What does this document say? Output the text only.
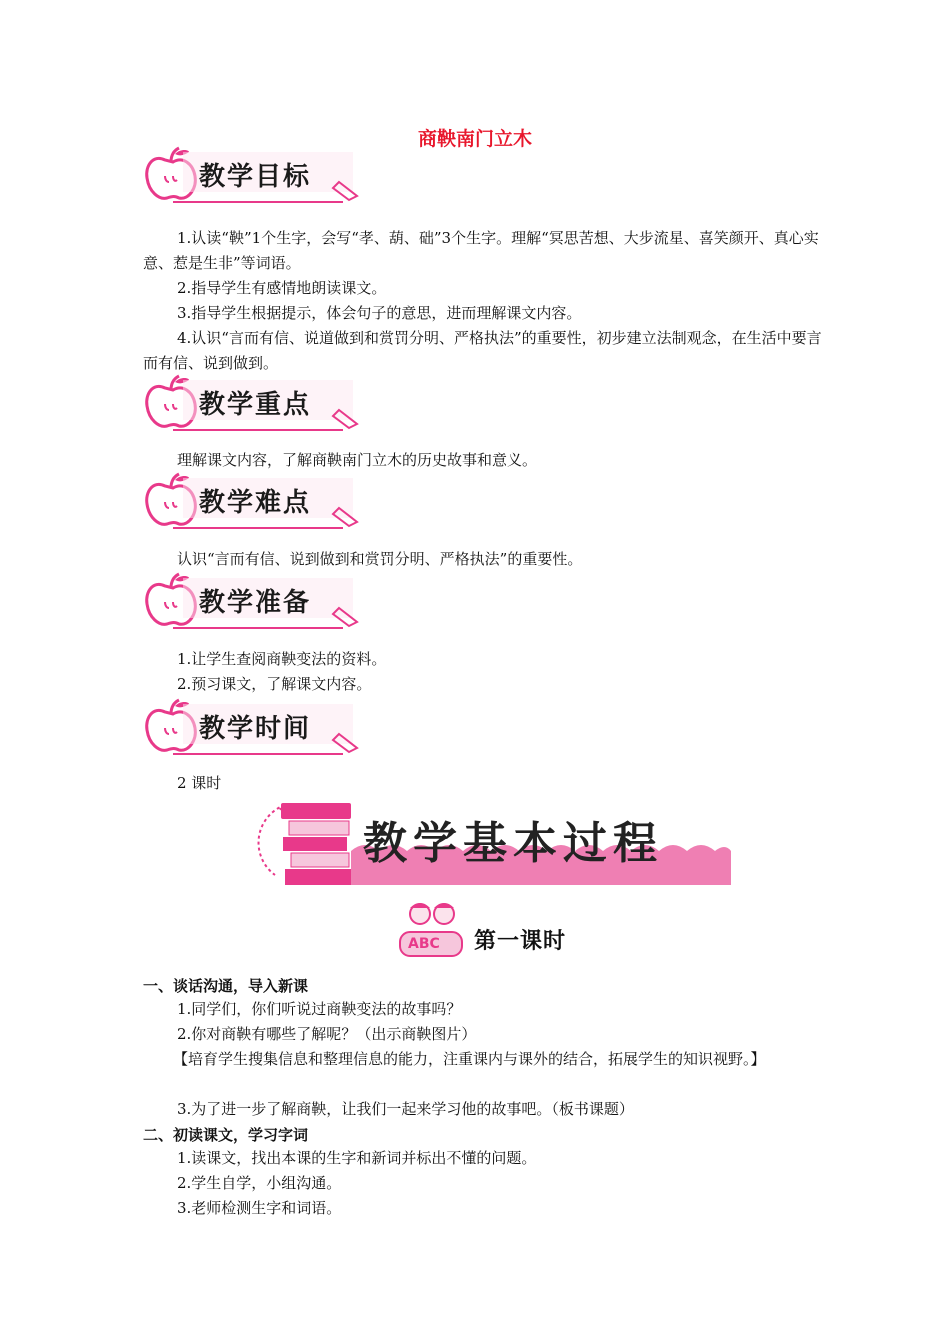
商鞅南门立木
教学目标
1.认读“鞅”1个生字，会写“孝、葫、础”3个生字。理解“冥思苦想、大步流星、喜笑颜开、真心实意、惹是生非”等词语。
2.指导学生有感情地朗读课文。
3.指导学生根据提示，体会句子的意思，进而理解课文内容。
4.认识“言而有信、说道做到和赏罚分明、严格执法”的重要性，初步建立法制观念，在生活中要言而有信、说到做到。
教学重点
理解课文内容，了解商鞅南门立木的历史故事和意义。
教学难点
认识“言而有信、说到做到和赏罚分明、严格执法”的重要性。
教学准备
1.让学生查阅商鞅变法的资料。
2.预习课文，了解课文内容。
教学时间
2 课时
教学基本过程
ABC 第一课时
一、谈话沟通，导入新课
1.同学们，你们听说过商鞅变法的故事吗？
2.你对商鞅有哪些了解呢？（出示商鞅图片）
【培育学生搜集信息和整理信息的能力，注重课内与课外的结合，拓展学生的知识视野。】
3.为了进一步了解商鞅，让我们一起来学习他的故事吧。（板书课题）
二、初读课文，学习字词
1.读课文，找出本课的生字和新词并标出不懂的问题。
2.学生自学，小组沟通。
3.老师检测生字和词语。
